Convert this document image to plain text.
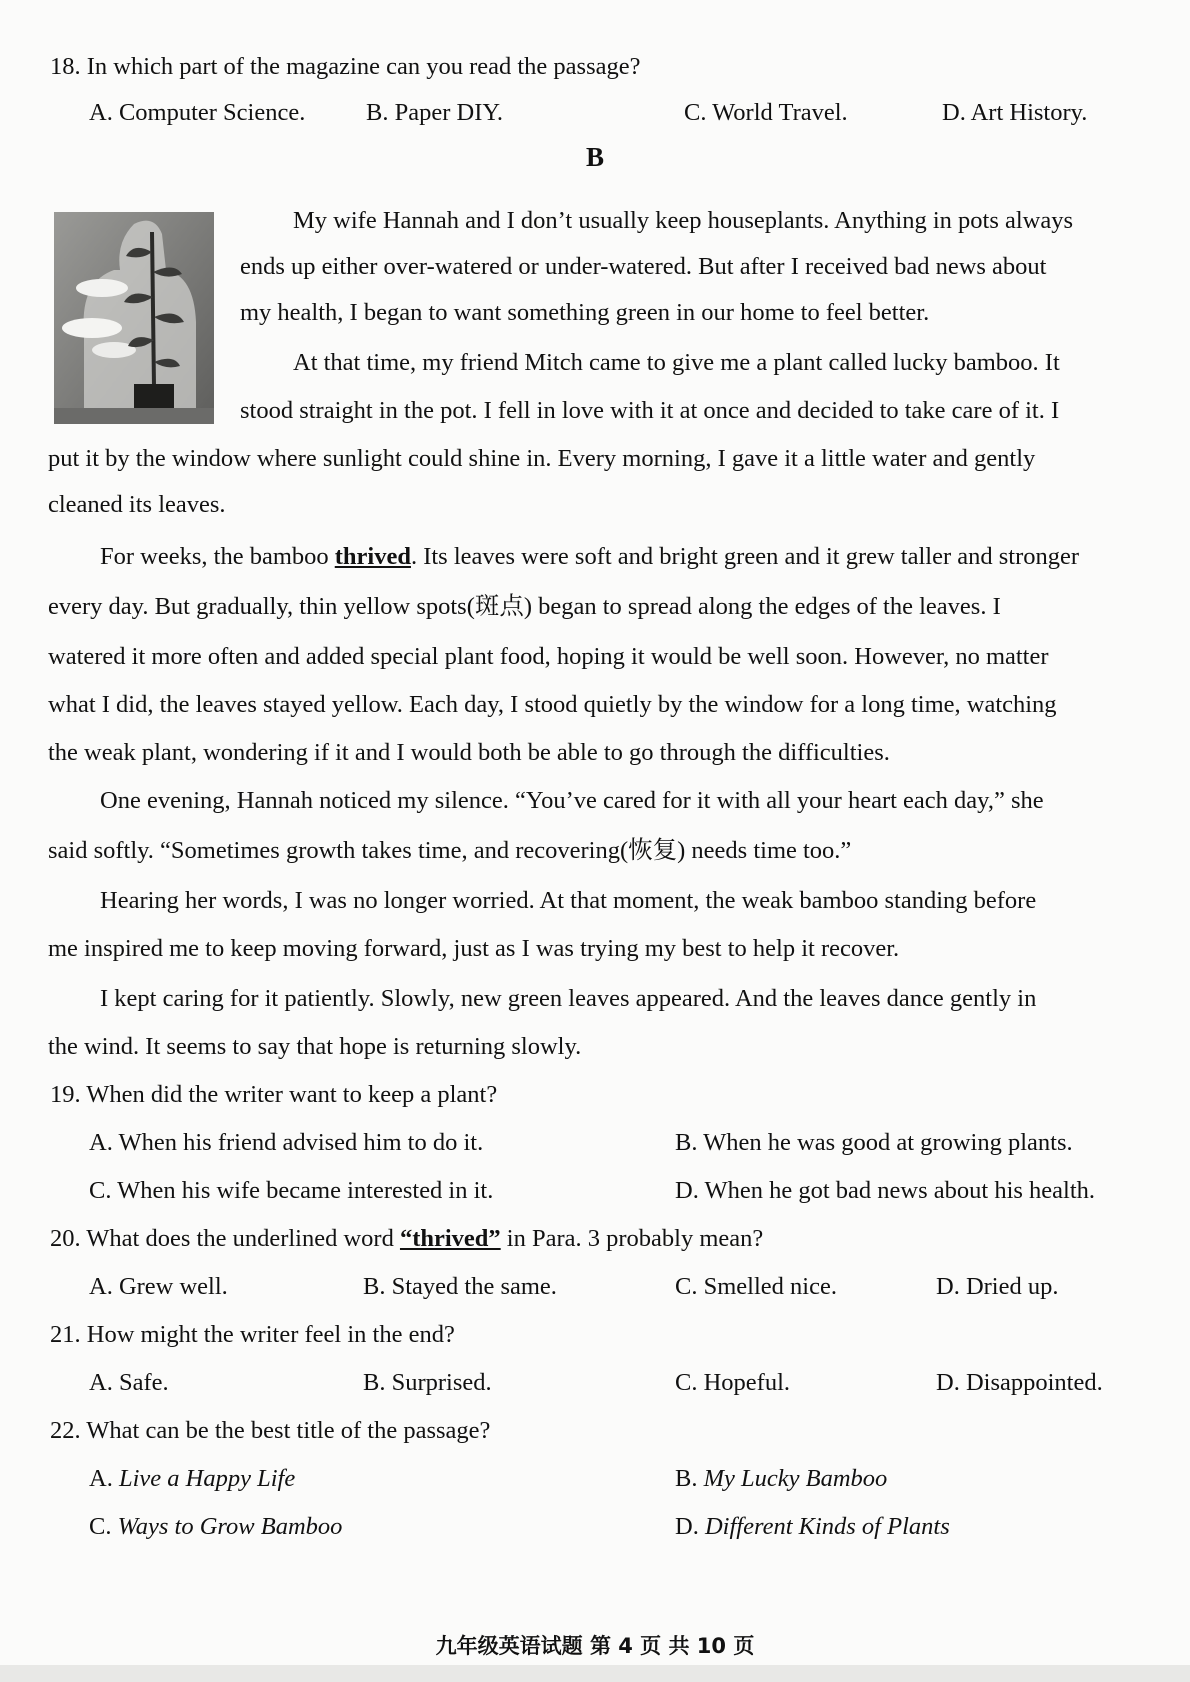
18. In which part of the magazine can you read the passage?
A. Computer Science. B. Paper DIY.	C. World Travel.	D. Art History.
B
My wife Hannah and I don’t usually keep houseplants. Anything in pots always
ends up either over-watered or under-watered. But after I received bad news about
my health, I began to want something green in our home to feel better.
At that time, my friend Mitch came to give me a plant called lucky bamboo. It
stood straight in the pot. I fell in love with it at once and decided to take care of it. I
put it by the window where sunlight could shine in. Every morning, I gave it a little water and gently
cleaned its leaves.
For weeks, the bamboo thrived. Its leaves were soft and bright green and it grew taller and stronger
every day. But gradually, thin yellow spots(斑点) began to spread along the edges of the leaves. I
watered it more often and added special plant food, hoping it would be well soon. However, no matter
what I did, the leaves stayed yellow. Each day, I stood quietly by the window for a long time, watching
the weak plant, wondering if it and I would both be able to go through the difficulties.
One evening, Hannah noticed my silence. “You’ve cared for it with all your heart each day,” she
said softly. “Sometimes growth takes time, and recovering(恢复) needs time too.”
Hearing her words, I was no longer worried. At that moment, the weak bamboo standing before
me inspired me to keep moving forward, just as I was trying my best to help it recover.
I kept caring for it patiently. Slowly, new green leaves appeared. And the leaves dance gently in
the wind. It seems to say that hope is returning slowly.
19. When did the writer want to keep a plant?
A. When his friend advised him to do it.	B. When he was good at growing plants.
C. When his wife became interested in it.	D. When he got bad news about his health.
20. What does the underlined word “thrived” in Para. 3 probably mean?
A. Grew well.	B. Stayed the same.	C. Smelled nice.	D. Dried up.
21. How might the writer feel in the end?
A. Safe.	B. Surprised.	C. Hopeful.	D. Disappointed.
22. What can be the best title of the passage?
A. Live a Happy Life	B. My Lucky Bamboo
C. Ways to Grow Bamboo	D. Different Kinds of Plants
九年级英语试题 第 4 页 共 10 页
